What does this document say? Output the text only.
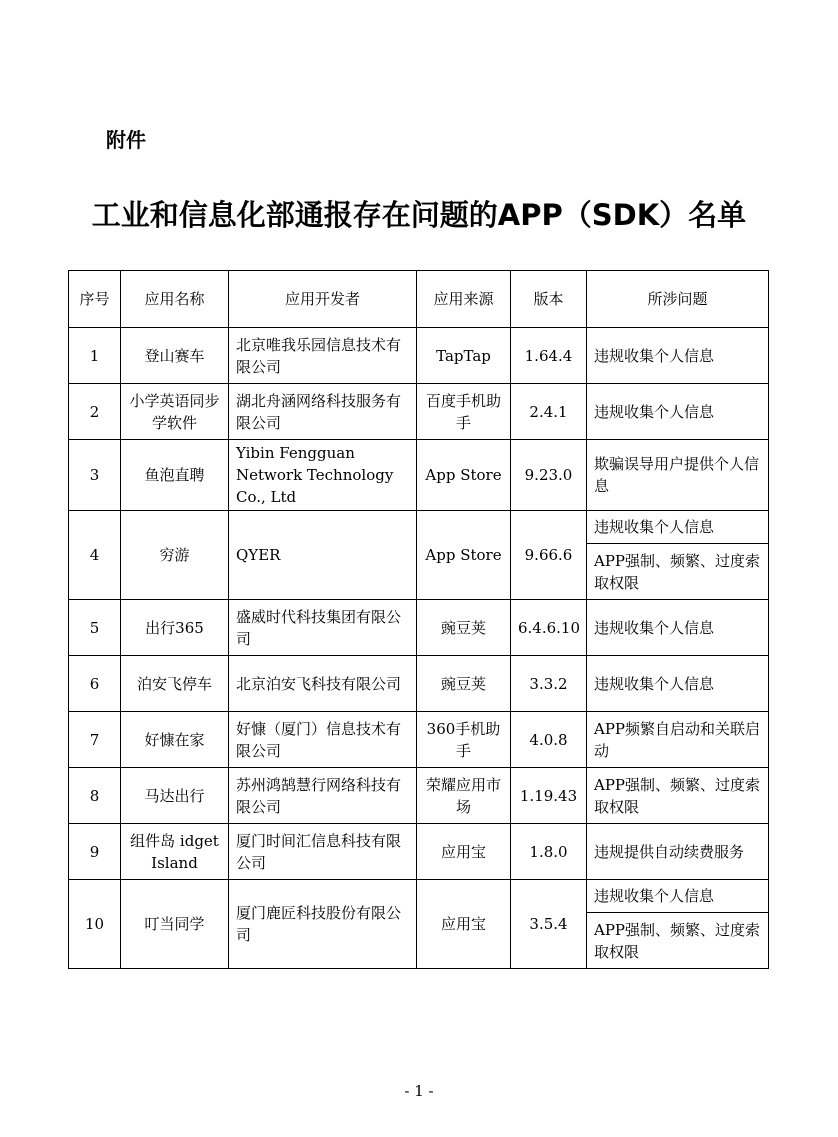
附件
工业和信息化部通报存在问题的APP（SDK）名单
序号	应用名称	应用开发者	应用来源	版本	所涉问题
1	登山赛车	北京唯我乐园信息技术有限公司	TapTap	1.64.4	违规收集个人信息
2	小学英语同步学软件	湖北舟涵网络科技服务有限公司	百度手机助手	2.4.1	违规收集个人信息
3	鱼泡直聘	Yibin Fengguan Network Technology Co., Ltd	App Store	9.23.0	欺骗误导用户提供个人信息
4	穷游	QYER	App Store	9.66.6	违规收集个人信息
					APP强制、频繁、过度索取权限
5	出行365	盛威时代科技集团有限公司	豌豆荚	6.4.6.10	违规收集个人信息
6	泊安飞停车	北京泊安飞科技有限公司	豌豆荚	3.3.2	违规收集个人信息
7	好慷在家	好慷（厦门）信息技术有限公司	360手机助手	4.0.8	APP频繁自启动和关联启动
8	马达出行	苏州鸿鹄慧行网络科技有限公司	荣耀应用市场	1.19.43	APP强制、频繁、过度索取权限
9	组件岛 idget Island	厦门时间汇信息科技有限公司	应用宝	1.8.0	违规提供自动续费服务
10	叮当同学	厦门鹿匠科技股份有限公司	应用宝	3.5.4	违规收集个人信息
					APP强制、频繁、过度索取权限
- 1 -
